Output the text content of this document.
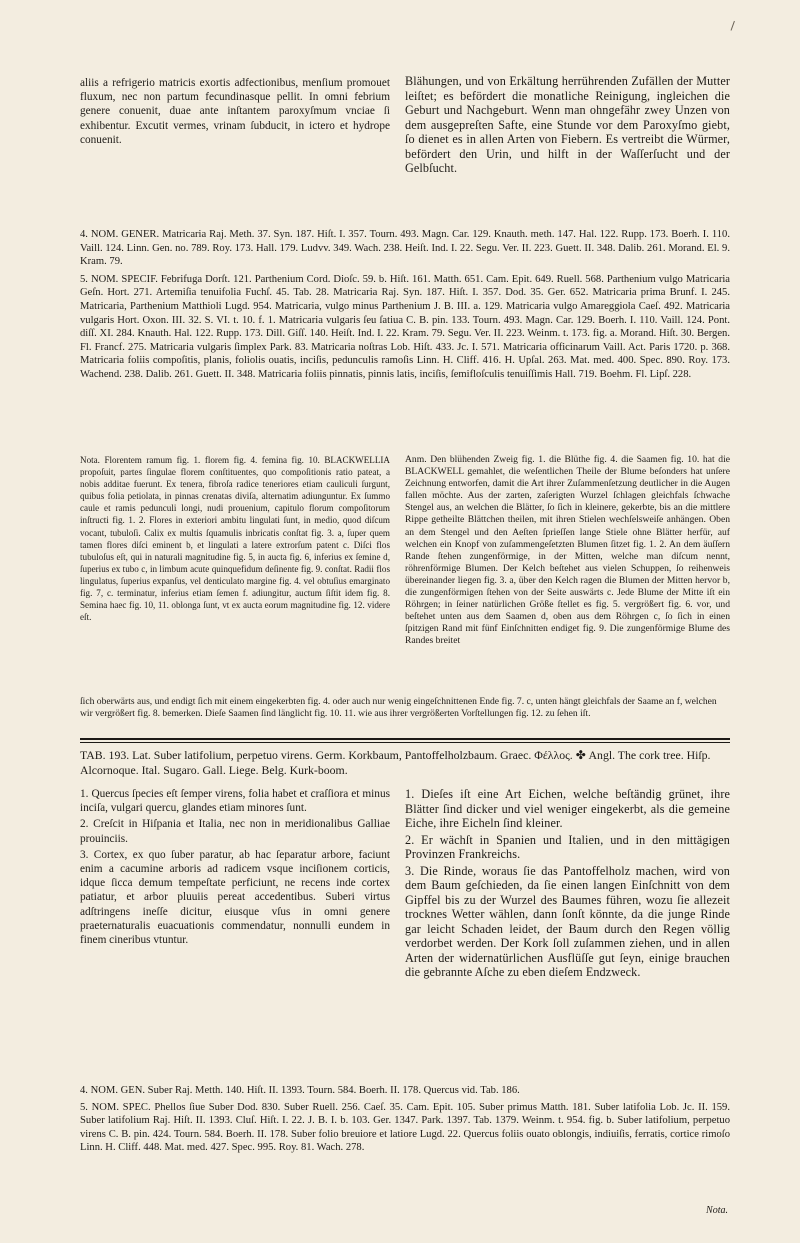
aliis a refrigerio matricis exortis adfectionibus, menſium promouet fluxum, nec non partum fecundinasque pellit. In omni febrium genere conuenit, duae ante inſtantem paroxyſmum vnciae ſi exhibentur. Excutit vermes, vrinam ſubducit, in ictero et hydrope conuenit.

Blähungen, und von Erkältung herrührenden Zufällen der Mutter leiſtet; es befördert die monatliche Reinigung, ingleichen die Geburt und Nachgeburt. Wenn man ohngefähr zwey Unzen von dem ausgepreſten Safte, eine Stunde vor dem Paroxyſmo giebt, ſo dienet es in allen Arten von Fiebern. Es vertreibt die Würmer, befördert den Urin, und hilft in der Waſſerſucht und der Gelbſucht.

4. NOM. GENER. Matricaria Raj. Meth. 37. Syn. 187. Hiſt. I. 357. Tourn. 493. Magn. Car. 129. Knauth. meth. 147. Hal. 122. Rupp. 173. Boerh. I. 110. Vaill. 124. Linn. Gen. no. 789. Roy. 173. Hall. 179. Ludvv. 349. Wach. 238. Heiſt. Ind. I. 22. Segu. Ver. II. 223. Guett. II. 348. Dalib. 261. Morand. El. 9. Kram. 79.

5. NOM. SPECIF. Febrifuga Dorſt. 121. Parthenium Cord. Dioſc. 59. b. Hiſt. 161. Matth. 651. Cam. Epit. 649. Ruell. 568. Parthenium vulgo Matricaria Geſn. Hort. 271. Artemiſia tenuifolia Fuchſ. 45. Tab. 28. Matricaria Raj. Syn. 187. Hiſt. I. 357. Dod. 35. Ger. 652. Matricaria prima Brunf. I. 245. Matricaria, Parthenium Matthioli Lugd. 954. Matricaria, vulgo minus Parthenium J. B. III. a. 129. Matricaria vulgo Amareggiola Caeſ. 492. Matricaria vulgaris Hort. Oxon. III. 32. S. VI. t. 10. f. 1. Matricaria vulgaris ſeu ſatiua C. B. pin. 133. Tourn. 493. Magn. Car. 129. Boerh. I. 110. Vaill. 124. Pont. diſſ. XI. 284. Knauth. Hal. 122. Rupp. 173. Dill. Giſſ. 140. Heiſt. Ind. I. 22. Kram. 79. Segu. Ver. II. 223. Weinm. t. 173. fig. a. Morand. Hiſt. 30. Bergen. Fl. Francf. 275. Matricaria vulgaris ſimplex Park. 83. Matricaria noſtras Lob. Hiſt. 433. Jc. I. 571. Matricaria officinarum Vaill. Act. Paris 1720. p. 368. Matricaria foliis compoſitis, planis, foliolis ouatis, inciſis, pedunculis ramoſis Linn. H. Cliff. 416. H. Upſal. 263. Mat. med. 400. Spec. 890. Roy. 173. Wachend. 238. Dalib. 261. Guett. II. 348. Matricaria foliis pinnatis, pinnis latis, inciſis, ſemifloſculis tenuiſſimis Hall. 719. Boehm. Fl. Lipſ. 228.

Nota. Florentem ramum fig. 1. florem fig. 4. femina fig. 10. BLACKWELLIA propoſuit, partes ſingulae florem conſtituentes, quo compoſitionis ratio pateat, a nobis additae fuerunt. Ex tenera, fibroſa radice teneriores etiam cauliculi ſurgunt, quibus folia petiolata, in pinnas crenatas diviſa, alternatim adiunguntur. Ex ſummo caule et ramis pedunculi longi, nudi prouenium, capitulo florum compoſitorum inſtructi fig. 1. 2. Flores in exteriori ambitu lingulati ſunt, in medio, quod diſcum vocant, tubuloſi. Calix ex multis ſquamulis inbricatis conſtat fig. 3. a, ſuper quem tamen flores diſci eminent b, et lingulati a latere extrorſum patent c. Diſci flos tubuloſus eſt, qui in naturali magnitudine fig. 5, in aucta fig. 6, inferius ex ſemine d, ſuperius ex tubo c, in limbum acute quinquefidum deſinente fig. 9. conſtat. Radii flos lingulatus, ſuperius expanſus, vel denticulato margine fig. 4. vel obtuſius emarginato fig. 7, c. terminatur, inferius etiam ſemen f. adiungitur, auctum ſiſtit idem fig. 8. Semina haec fig. 10, 11. oblonga ſunt, vt ex aucta eorum magnitudine fig. 12. videre eſt.

Anm. Den blühenden Zweig fig. 1. die Blüthe fig. 4. die Saamen fig. 10. hat die BLACKWELL gemahlet, die weſentlichen Theile der Blume beſonders hat unſere Zeichnung entworfen, damit die Art ihrer Zuſammenſetzung deutlicher in die Augen fallen möchte. Aus der zarten, zaſerigten Wurzel ſchlagen gleichfals ſchwache Stengel aus, an welchen die Blätter, ſo ſich in kleinere, gekerbte, bis an die mittlere Rippe getheilte Blättchen theilen, mit ihren Stielen wechſelsweiſe anhängen. Oben an dem Stengel und den Aeſten ſprieſſen lange Stiele ohne Blätter herfür, auf welchen ein Knopf von zuſammengeſetzten Blumen ſitzet fig. 1. 2. An dem äuſſern Rande ſtehen zungenförmige, in der Mitten, welche man diſcum nennt, röhrenförmige Blumen. Der Kelch beſtehet aus vielen Schuppen, ſo reihenweis übereinander liegen fig. 3. a, über den Kelch ragen die Blumen der Mitten hervor b, die zungenförmigen ſtehen von der Seite auswärts c. Jede Blume der Mitte iſt ein Röhrgen; in ſeiner natürlichen Größe ſtellet es fig. 5. vergrößert fig. 6. vor, und beſtehet unten aus dem Saamen d, oben aus dem Röhrgen c, ſo ſich in einen ſpitzigen Rand mit fünf Einſchnitten endiget fig. 9. Die zungenförmige Blume des Randes breitet

ſich oberwärts aus, und endigt ſich mit einem eingekerbten fig. 4. oder auch nur wenig eingeſchnittenen Ende fig. 7. c, unten hängt gleichfals der Saame an f, welchen wir vergrößert fig. 8. bemerken. Dieſe Saamen ſind länglicht fig. 10. 11. wie aus ihrer vergrößerten Vorſtellungen fig. 12. zu ſehen iſt.

TAB. 193. Lat. Suber latifolium, perpetuo virens. Germ. Korkbaum, Pantoffelholzbaum. Graec. Φέλλος. ✤ Angl. The cork tree. Hiſp. Alcornoque. Ital. Sugaro. Gall. Liege. Belg. Kurk-boom.

1. Quercus ſpecies eſt ſemper virens, folia habet et craſſiora et minus inciſa, vulgari quercu, glandes etiam minores ſunt.

2. Creſcit in Hiſpania et Italia, nec non in meridionalibus Galliae prouinciis.

3. Cortex, ex quo ſuber paratur, ab hac ſeparatur arbore, faciunt enim a cacumine arboris ad radicem vsque inciſionem corticis, idque ſicca demum tempeſtate perficiunt, ne recens inde cortex patiatur, et arbor pluuiis pereat accedentibus. Suberi virtus adſtringens ineſſe dicitur, eiusque vſus in omni genere praeternaturalis euacuationis commendatur, nonnulli eundem in finem cineribus vtuntur.

1. Dieſes iſt eine Art Eichen, welche beſtändig grünet, ihre Blätter ſind dicker und viel weniger eingekerbt, als die gemeine Eiche, ihre Eicheln ſind kleiner.

2. Er wächſt in Spanien und Italien, und in den mittägigen Provinzen Frankreichs.

3. Die Rinde, woraus ſie das Pantoffelholz machen, wird von dem Baum geſchieden, da ſie einen langen Einſchnitt von dem Gipffel bis zu der Wurzel des Baumes führen, wozu ſie allezeit trocknes Wetter wählen, dann ſonſt könnte, da die junge Rinde gar leicht Schaden leidet, der Baum durch den Regen völlig verdorbet werden. Der Kork ſoll zuſammen ziehen, und in allen Arten der widernatürlichen Ausflüſſe gut ſeyn, einige brauchen die gebrannte Aſche zu eben dieſem Endzweck.

4. NOM. GEN. Suber Raj. Metth. 140. Hiſt. II. 1393. Tourn. 584. Boerh. II. 178. Quercus vid. Tab. 186.

5. NOM. SPEC. Phellos ſiue Suber Dod. 830. Suber Ruell. 256. Caeſ. 35. Cam. Epit. 105. Suber primus Matth. 181. Suber latifolia Lob. Jc. II. 159. Suber latifolium Raj. Hiſt. II. 1393. Cluſ. Hiſt. I. 22. J. B. I. b. 103. Ger. 1347. Park. 1397. Tab. 1379. Weinm. t. 954. fig. b. Suber latifolium, perpetuo virens C. B. pin. 424. Tourn. 584. Boerh. II. 178. Suber folio breuiore et latiore Lugd. 22. Quercus foliis ouato oblongis, indiuiſis, ferratis, cortice rimoſo Linn. H. Cliff. 448. Mat. med. 427. Spec. 995. Roy. 81. Wach. 278.

Nota.
